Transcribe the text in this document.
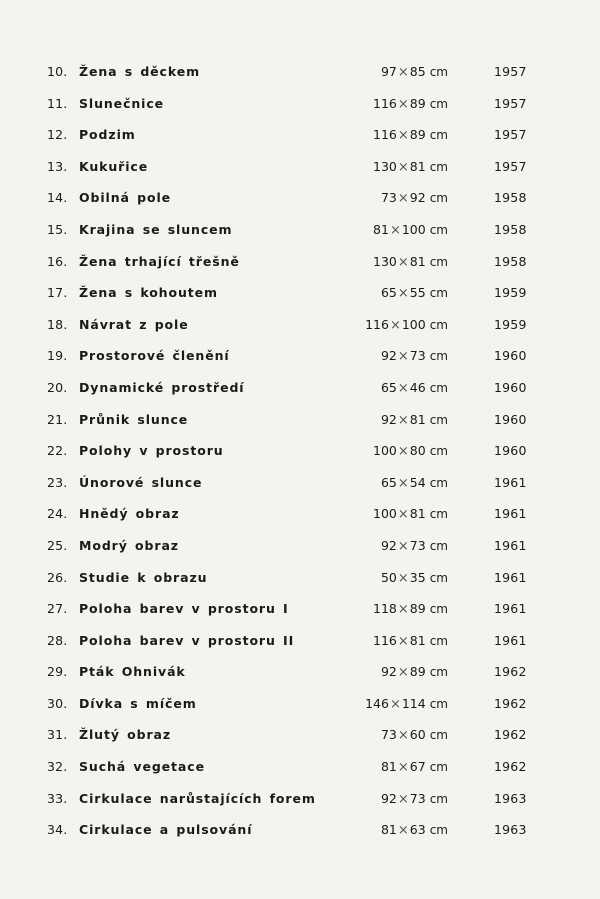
10. Žena s děckem	97×85 cm	1957
11. Slunečnice	116×89 cm	1957
12. Podzim	116×89 cm	1957
13. Kukuřice	130×81 cm	1957
14. Obilná pole	73×92 cm	1958
15. Krajina se sluncem	81×100 cm	1958
16. Žena trhající třešně	130×81 cm	1958
17. Žena s kohoutem	65×55 cm	1959
18. Návrat z pole	116×100 cm	1959
19. Prostorové členění	92×73 cm	1960
20. Dynamické prostředí	65×46 cm	1960
21. Průnik slunce	92×81 cm	1960
22. Polohy v prostoru	100×80 cm	1960
23. Únorové slunce	65×54 cm	1961
24. Hnědý obraz	100×81 cm	1961
25. Modrý obraz	92×73 cm	1961
26. Studie k obrazu	50×35 cm	1961
27. Poloha barev v prostoru I	118×89 cm	1961
28. Poloha barev v prostoru II	116×81 cm	1961
29. Pták Ohnivák	92×89 cm	1962
30. Dívka s míčem	146×114 cm	1962
31. Žlutý obraz	73×60 cm	1962
32. Suchá vegetace	81×67 cm	1962
33. Cirkulace narůstajících forem	92×73 cm	1963
34. Cirkulace a pulsování	81×63 cm	1963
